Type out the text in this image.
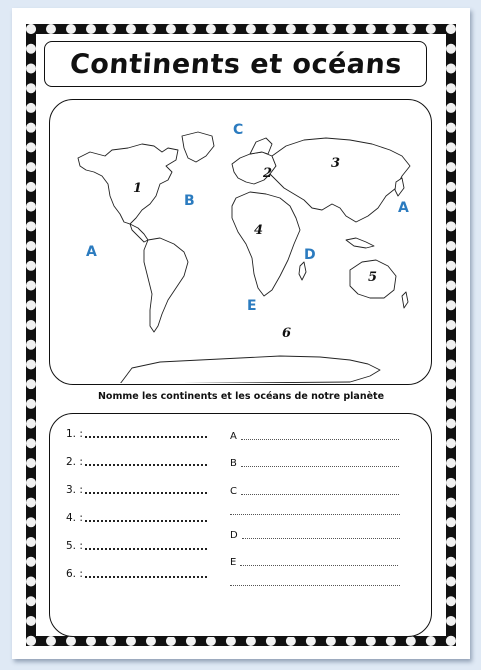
Continents et océans
1
2
3
4
5
6
C
B
A
A
D
E
Nomme les continents et les océans de notre planète
1. :
2. :
3. :
4. :
5. :
6. :
A
B
C
D
E
